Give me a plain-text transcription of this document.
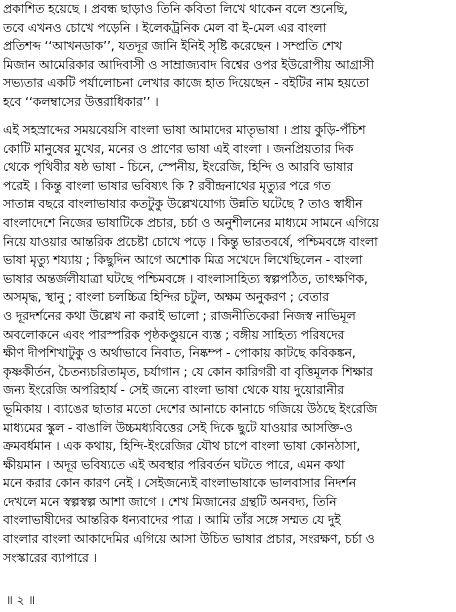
প্রকাশিত হয়েছে । প্রবন্ধ ছাড়াও তিনি কবিতা লিখে থাকেন বলে শুনেছি,
তবে এখনও চোখে পড়েনি । ইলেকট্রনিক মেল বা ই-মেল এর বাংলা
প্রতিশব্দ ‘‘আখনডাক’’, যতদূর জানি ইনিই সৃষ্টি করেছেন । সম্প্রতি শেখ
মিজান আমেরিকার আদিবাসী ও সাম্রাজ্যবাদ বিশ্বের ওপর ইউরোপীয় আগ্রাসী
সভ্যতার একটি পর্যালোচনা লেখার কাজে হাত দিয়েছেন - বইটির নাম হয়তো
হবে ‘‘কলম্বাসের উত্তরাধিকার’’ ।

এই সহস্রাব্দের সময়বেয়সি বাংলা ভাষা আমাদের মাতৃভাষা । প্রায় কুড়ি-পঁচিশ
কোটি মানুষের মুখের, মনের ও প্রাণের ভাষা এই বাংলা । জনপ্রিয়তার দিক
থেকে পৃথিবীর ষষ্ঠ ভাষা - চিনে, স্পেনীয়, ইংরেজি, হিন্দি ও আরবি ভাষার
পরেই । কিন্তু বাংলা ভাষার ভবিষ্যৎ কি ? রবীন্দ্রনাথের মৃত্যুর পরে গত
সাতান্ন বছরে বাংলাভাষার কতটুকু উল্লেখযোগ্য উন্নতি ঘটেছে ? তাও স্বাধীন
বাংলাদেশে নিজের ভাষাটিকে প্রচার, চর্চা ও অনুশীলনের মাধ্যমে সামনে এগিয়ে
নিয়ে যাওয়ার আন্তরিক প্রচেষ্টা চোখে পড়ে । কিন্তু ভারতবর্ষে, পশ্চিমবঙ্গে বাংলা
ভাষা মৃত্যু শয্যায় ; কিছুদিন আগে অশোক মিত্র সখেদে লিখেছিলেন - বাংলা
ভাষার অন্তর্জলীযাত্রা ঘটছে পশ্চিমবঙ্গে । বাংলাসাহিত্য স্বল্পপঠিত, তাৎক্ষণিক,
অসমৃদ্ধ, স্থানু ; বাংলা চলচ্চিত্র হিন্দির চটুল, অক্ষম অনুকরণ ; বেতার
ও দূরদর্শনের কথা উল্লেখ না করাই ভালো ; রাজনীতিকেরা নিজস্ব নাভিমূল
অবলোকনে এবং পারস্পরিক পৃষ্ঠকণ্ডুয়নে ব্যস্ত ; বঙ্গীয় সাহিত্য পরিষদের
ক্ষীণ দীপশিখাটুকু ও অর্থাভাবে নিবাত, নিষ্কম্প - পোকায় কাটছে কবিকঙ্কন,
কৃষ্ণকীর্তন, চৈতন্যচরিতামৃত, চর্যাগান ; যে কোন কারিগরী বা বৃত্তিমূলক শিক্ষার
জন্য ইংরেজি অপরিহার্য - সেই জন্যে বাংলা ভাষা থেকে যায় দুয়োরানীর
ভূমিকায় । ব্যাঙের ছাতার মতো দেশের আনাচে কানাচে গজিয়ে উঠছে ইংরেজি
মাধ্যমের স্কুল - বাঙালি উচ্চমধ্যবিত্তের সেই দিকে ছুটে যাওয়ার আসক্তি-ও
ক্রমবর্ধমান । এক কথায়, হিন্দি-ইংরেজির যৌথ চাপে বাংলা ভাষা কোনঠাসা,
ক্ষীয়মান । অদূর ভবিষ্যতে এই অবস্থার পরিবর্তন ঘটতে পারে, এমন কথা
মনে করার কোন কারণ নেই । সেইজন্যেই বাংলাভাষাকে ভালবাসার নিদর্শন
দেখলে মনে স্বল্পস্বল্প আশা জাগে । শেখ মিজানের গ্রন্থটি অনবদ্য, তিনি
বাংলাভাষীদের আন্তরিক ধন্যবাদের পাত্র । আমি তাঁর সঙ্গে সম্মত যে দুই
বাংলার বাংলা আকাদেমির এগিয়ে আসা উচিত ভাষার প্রচার, সংরক্ষণ, চর্চা ও
সংস্কারের ব্যাপারে ।

॥ ২ ॥
